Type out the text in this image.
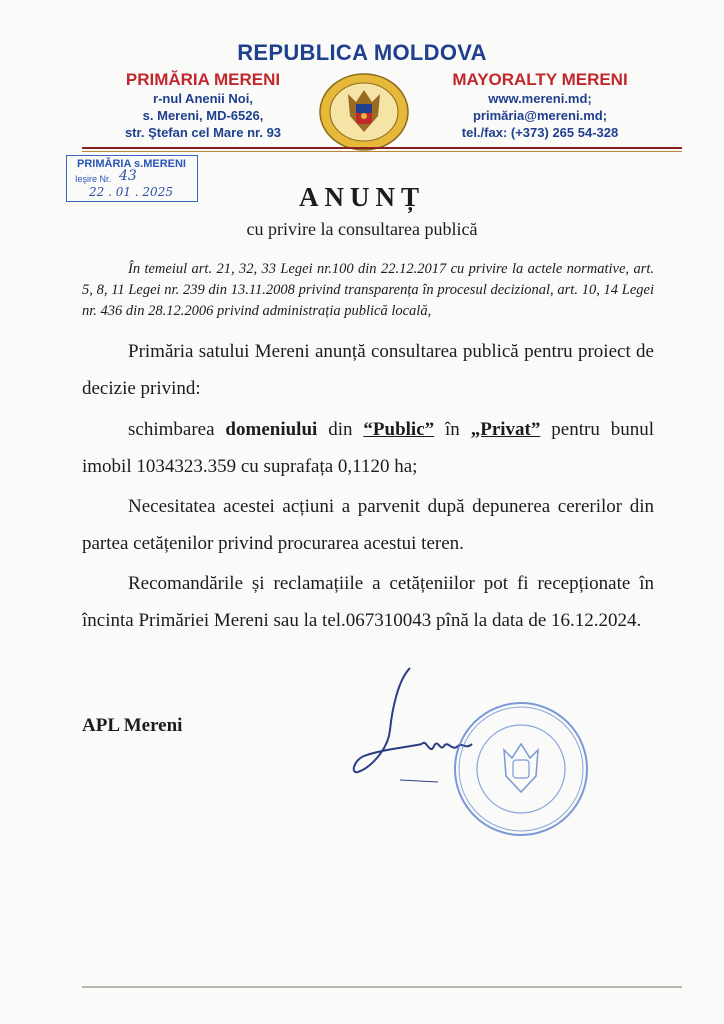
REPUBLICA MOLDOVA
PRIMĂRIA MERENI
r-nul Anenii Noi,
s. Mereni, MD-6526,
str. Ştefan cel Mare nr. 93
MAYORALTY MERENI
www.mereni.md;
primăria@mereni.md;
tel./fax: (+373) 265 54-328
PRIMĂRIA s.MERENI
Ieşire Nr. 43
22 . 01 . 2025	ANUNȚ
cu privire la consultarea publică
În temeiul art. 21, 32, 33 Legei nr.100 din 22.12.2017 cu privire la actele normative, art. 5, 8, 11 Legei nr. 239 din 13.11.2008 privind transparența în procesul decizional, art. 10, 14 Legei nr. 436 din 28.12.2006 privind administrația publică locală,
Primăria satului Mereni anunță consultarea publică pentru proiect de decizie privind:
schimbarea domeniului din “Public” în „Privat” pentru bunul imobil 1034323.359 cu suprafața 0,1120 ha;
Necesitatea acestei acțiuni a parvenit după depunerea cererilor din partea cetățenilor privind procurarea acestui teren.
Recomandările și reclamațiile a cetățeniilor pot fi recepționate în încinta Primăriei Mereni sau la tel.067310043 pînă la data de 16.12.2024.
APL Mereni
